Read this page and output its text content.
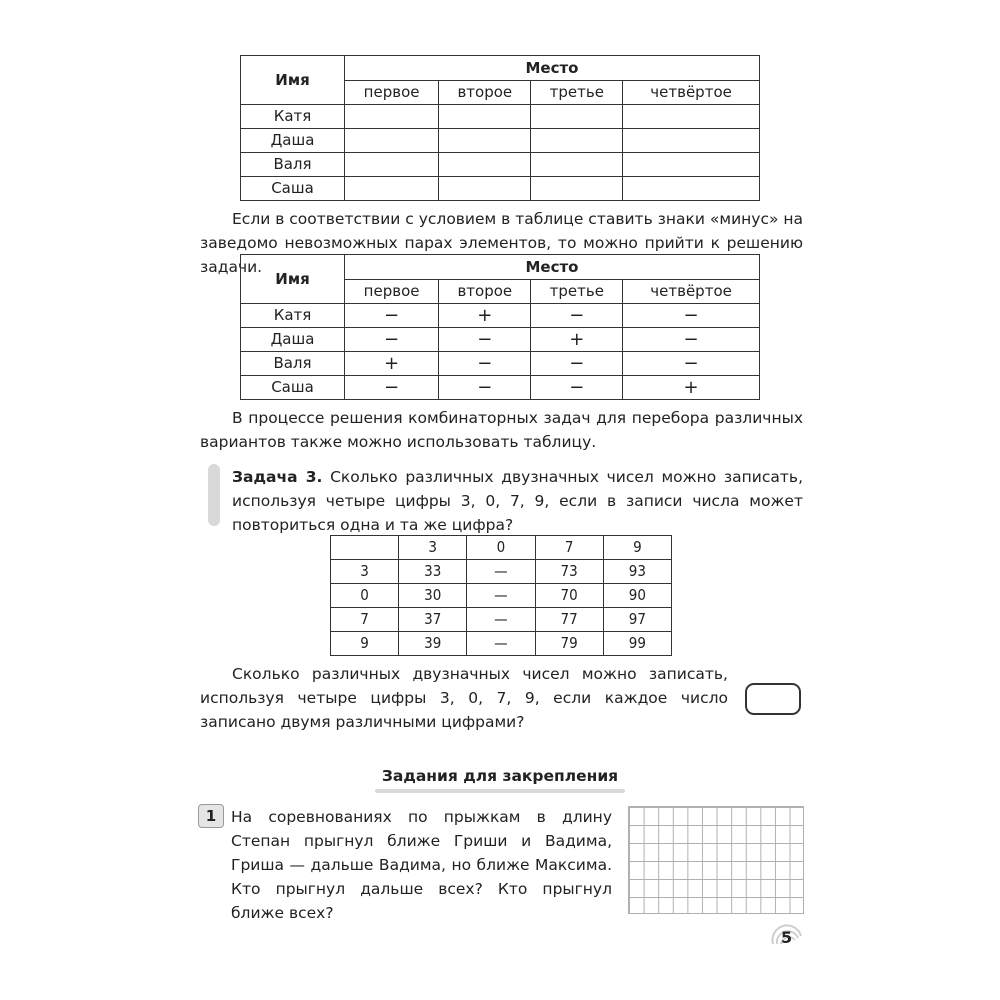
Имя	Место			
	первое	второе	третье	четвёртое
Катя				
Даша				
Валя				
Саша				

Если в соответствии с условием в таблице ставить знаки «минус» на заведомо невозможных парах элементов, то можно прийти к решению задачи.

Имя	Место			
	первое	второе	третье	четвёртое
Катя	−	+	−	−
Даша	−	−	+	−
Валя	+	−	−	−
Саша	−	−	−	+

В процессе решения комбинаторных задач для перебора различных вариантов также можно использовать таблицу.

Задача 3. Сколько различных двузначных чисел можно записать, используя четыре цифры 3, 0, 7, 9, если в записи числа может повториться одна и та же цифра?

	3	0	7	9
3	33	—	73	93
0	30	—	70	90
7	37	—	77	97
9	39	—	79	99

Сколько различных двузначных чисел можно записать, используя четыре цифры 3, 0, 7, 9, если каждое число записано двумя различными цифрами?

Задания для закрепления
1 На соревнованиях по прыжкам в длину Степан прыгнул ближе Гриши и Вадима, Гриша — дальше Вадима, но ближе Максима. Кто прыгнул дальше всех? Кто прыгнул ближе всех?

5
